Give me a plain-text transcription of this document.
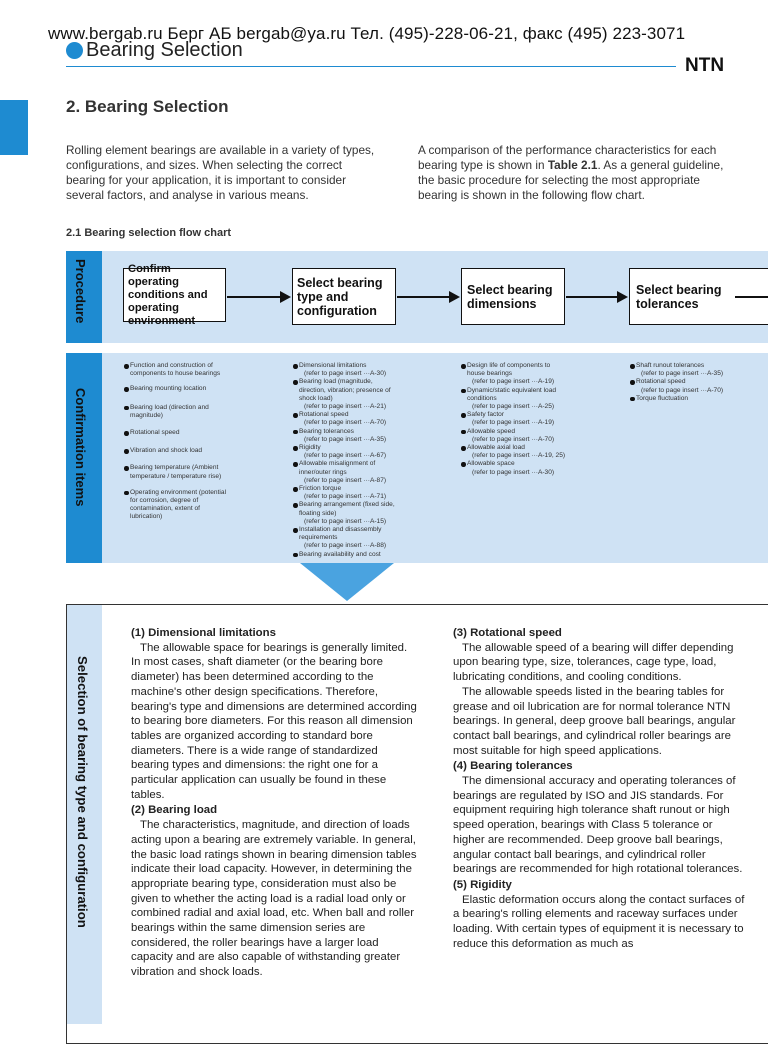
Bearing Selection
www.bergab.ru Берг АБ bergab@ya.ru Тел. (495)-228-06-21, факс (495) 223-3071
NTN
2. Bearing Selection
Rolling element bearings are available in a variety of types, configurations, and sizes. When selecting the correct bearing for your application, it is important to consider several factors, and analyse in various means.
A comparison of the performance characteristics for each bearing type is shown in Table 2.1. As a general guideline, the basic procedure for selecting the most appropriate bearing is shown in the following flow chart.
2.1 Bearing selection flow chart
Procedure	Confirm operating conditions and operating environment
Select bearing type and configuration
Select bearing dimensions
Select bearing tolerances
Confirmation items
Function and construction of components to house bearings
Bearing mounting location
Bearing load (direction and magnitude)
Rotational speed
Vibration and shock load
Bearing temperature (Ambient temperature / temperature rise)
Operating environment (potential for corrosion, degree of contamination, extent of lubrication)
Dimensional limitations
(refer to page insert ···A-30)
Bearing load (magnitude, direction, vibration; presence of shock load)
(refer to page insert ···A-21)
Rotational speed
(refer to page insert ···A-70)
Bearing tolerances
(refer to page insert ···A-35)
Rigidity
(refer to page insert ···A-67)
Allowable misalignment of inner/outer rings
(refer to page insert ···A-87)
Friction torque
(refer to page insert ···A-71)
Bearing arrangement (fixed side, floating side)
(refer to page insert ···A-15)
Installation and disassembly requirements
(refer to page insert ···A-88)
Bearing availability and cost
Design life of components to house bearings
(refer to page insert ···A-19)
Dynamic/static equivalent load conditions
(refer to page insert ···A-25)
Safety factor
(refer to page insert ···A-19)
Allowable speed
(refer to page insert ···A-70)
Allowable axial load
(refer to page insert ···A-19, 25)
Allowable space
(refer to page insert ···A-30)
Shaft runout tolerances
(refer to page insert ···A-35)
Rotational speed
(refer to page insert ···A-70)
Torque fluctuation
Selection of bearing type and configuration
(1) Dimensional limitations

The allowable space for bearings is generally limited. In most cases, shaft diameter (or the bearing bore diameter) has been determined according to the machine's other design specifications. Therefore, bearing's type and dimensions are determined according to bearing bore diameters. For this reason all dimension tables are organized according to standard bore diameters. There is a wide range of standardized bearing types and dimensions: the right one for a particular application can usually be found in these tables.

(2) Bearing load

The characteristics, magnitude, and direction of loads acting upon a bearing are extremely variable. In general, the basic load ratings shown in bearing dimension tables indicate their load capacity. However, in determining the appropriate bearing type, consideration must also be given to whether the acting load is a radial load only or combined radial and axial load, etc. When ball and roller bearings within the same dimension series are considered, the roller bearings have a larger load capacity and are also capable of withstanding greater vibration and shock loads.

(3) Rotational speed

The allowable speed of a bearing will differ depending upon bearing type, size, tolerances, cage type, load, lubricating conditions, and cooling conditions.

The allowable speeds listed in the bearing tables for grease and oil lubrication are for normal tolerance NTN bearings. In general, deep groove ball bearings, angular contact ball bearings, and cylindrical roller bearings are most suitable for high speed applications.

(4) Bearing tolerances

The dimensional accuracy and operating tolerances of bearings are regulated by ISO and JIS standards. For equipment requiring high tolerance shaft runout or high speed operation, bearings with Class 5 tolerance or higher are recommended. Deep groove ball bearings, angular contact ball bearings, and cylindrical roller bearings are recommended for high rotational tolerances.

(5) Rigidity

Elastic deformation occurs along the contact surfaces of a bearing's rolling elements and raceway surfaces under loading. With certain types of equipment it is necessary to reduce this deformation as much as
